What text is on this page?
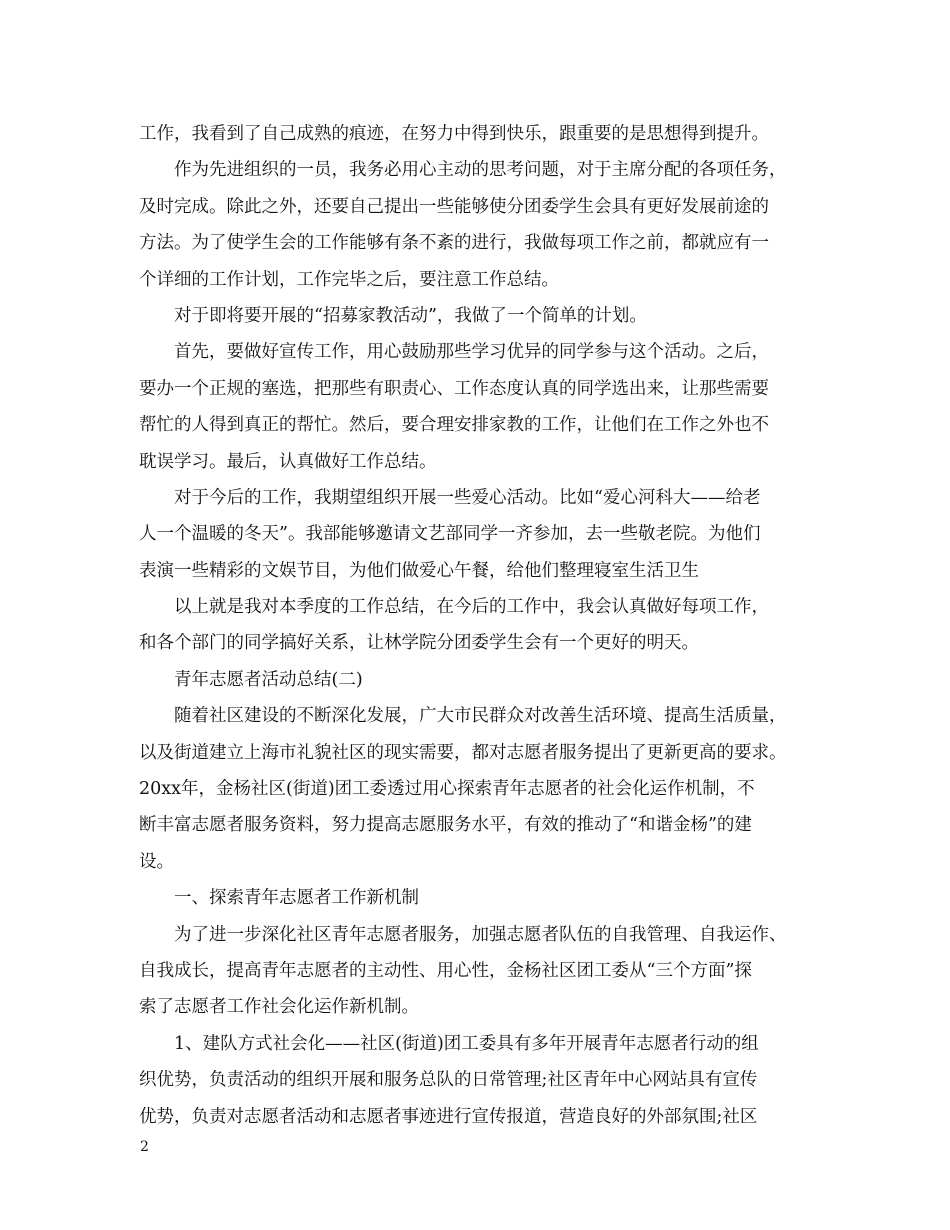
工作，我看到了自己成熟的痕迹，在努力中得到快乐，跟重要的是思想得到提升。
作为先进组织的一员，我务必用心主动的思考问题，对于主席分配的各项任务，
及时完成。除此之外，还要自己提出一些能够使分团委学生会具有更好发展前途的
方法。为了使学生会的工作能够有条不紊的进行，我做每项工作之前，都就应有一
个详细的工作计划，工作完毕之后，要注意工作总结。
对于即将要开展的“招募家教活动”，我做了一个简单的计划。
首先，要做好宣传工作，用心鼓励那些学习优异的同学参与这个活动。之后，
要办一个正规的塞选，把那些有职责心、工作态度认真的同学选出来，让那些需要
帮忙的人得到真正的帮忙。然后，要合理安排家教的工作，让他们在工作之外也不
耽误学习。最后，认真做好工作总结。
对于今后的工作，我期望组织开展一些爱心活动。比如“爱心河科大——给老
人一个温暖的冬天”。我部能够邀请文艺部同学一齐参加，去一些敬老院。为他们
表演一些精彩的文娱节目，为他们做爱心午餐，给他们整理寝室生活卫生
以上就是我对本季度的工作总结，在今后的工作中，我会认真做好每项工作，
和各个部门的同学搞好关系，让林学院分团委学生会有一个更好的明天。
青年志愿者活动总结(二)
随着社区建设的不断深化发展，广大市民群众对改善生活环境、提高生活质量，
以及街道建立上海市礼貌社区的现实需要，都对志愿者服务提出了更新更高的要求。
20xx年，金杨社区(街道)团工委透过用心探索青年志愿者的社会化运作机制，不
断丰富志愿者服务资料，努力提高志愿服务水平，有效的推动了“和谐金杨”的建
设。
一、探索青年志愿者工作新机制
为了进一步深化社区青年志愿者服务，加强志愿者队伍的自我管理、自我运作、
自我成长，提高青年志愿者的主动性、用心性，金杨社区团工委从“三个方面”探
索了志愿者工作社会化运作新机制。
1、建队方式社会化——社区(街道)团工委具有多年开展青年志愿者行动的组
织优势，负责活动的组织开展和服务总队的日常管理;社区青年中心网站具有宣传
优势，负责对志愿者活动和志愿者事迹进行宣传报道，营造良好的外部氛围;社区
2
